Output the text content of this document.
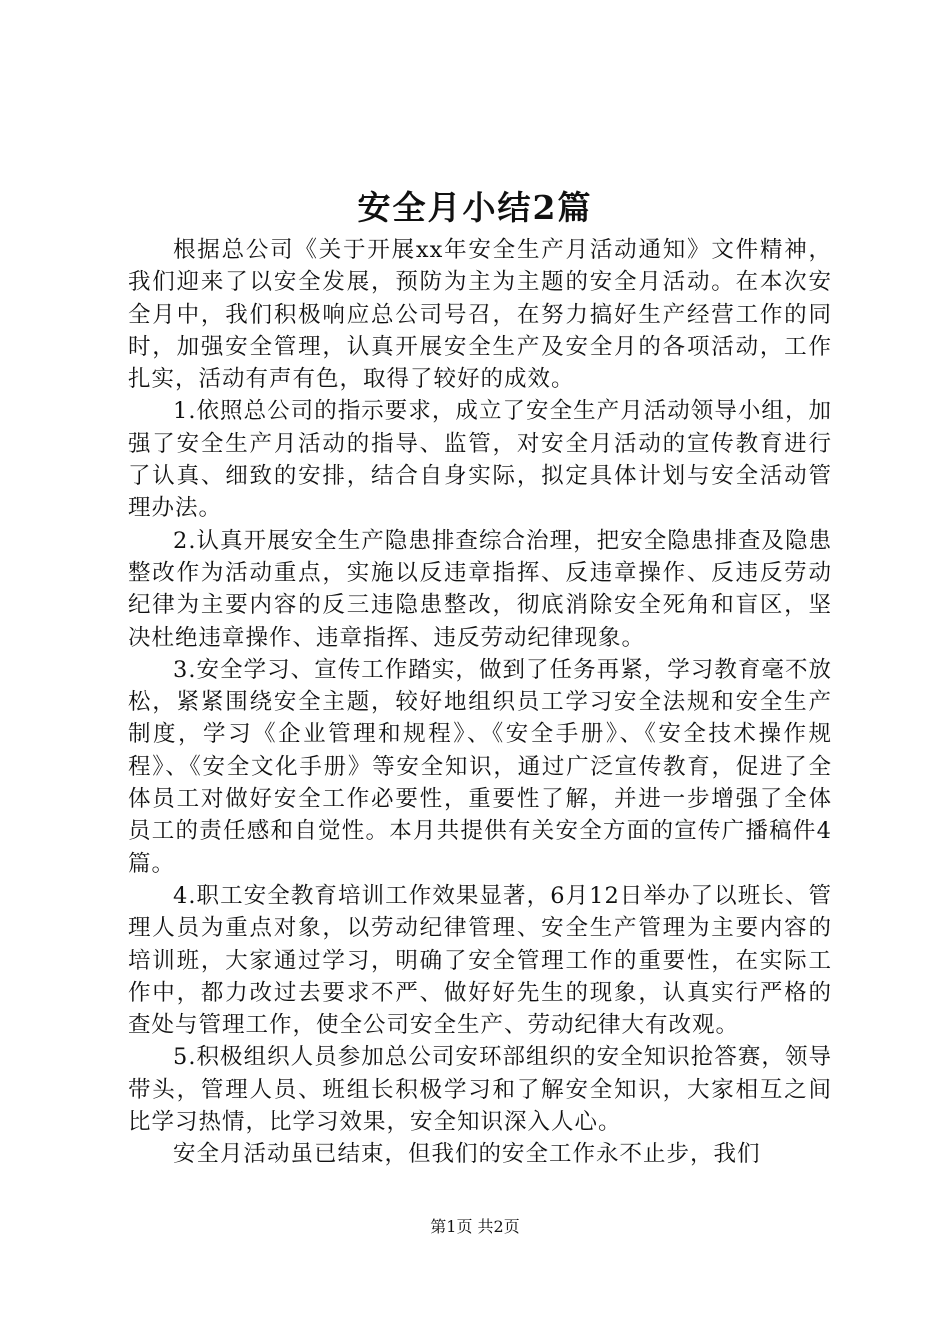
安全月小结2篇

根据总公司《关于开展xx年安全生产月活动通知》文件精神，我们迎来了以安全发展，预防为主为主题的安全月活动。在本次安全月中，我们积极响应总公司号召，在努力搞好生产经营工作的同时，加强安全管理，认真开展安全生产及安全月的各项活动，工作扎实，活动有声有色，取得了较好的成效。

1.依照总公司的指示要求，成立了安全生产月活动领导小组，加强了安全生产月活动的指导、监管，对安全月活动的宣传教育进行了认真、细致的安排，结合自身实际，拟定具体计划与安全活动管理办法。

2.认真开展安全生产隐患排查综合治理，把安全隐患排查及隐患整改作为活动重点，实施以反违章指挥、反违章操作、反违反劳动纪律为主要内容的反三违隐患整改，彻底消除安全死角和盲区，坚决杜绝违章操作、违章指挥、违反劳动纪律现象。

3.安全学习、宣传工作踏实，做到了任务再紧，学习教育毫不放松，紧紧围绕安全主题，较好地组织员工学习安全法规和安全生产制度，学习《企业管理和规程》、《安全手册》、《安全技术操作规程》、《安全文化手册》等安全知识，通过广泛宣传教育，促进了全体员工对做好安全工作必要性，重要性了解，并进一步增强了全体员工的责任感和自觉性。本月共提供有关安全方面的宣传广播稿件4篇。

4.职工安全教育培训工作效果显著，6月12日举办了以班长、管理人员为重点对象，以劳动纪律管理、安全生产管理为主要内容的培训班，大家通过学习，明确了安全管理工作的重要性，在实际工作中，都力改过去要求不严、做好好先生的现象，认真实行严格的查处与管理工作，使全公司安全生产、劳动纪律大有改观。

5.积极组织人员参加总公司安环部组织的安全知识抢答赛，领导带头，管理人员、班组长积极学习和了解安全知识，大家相互之间比学习热情，比学习效果，安全知识深入人心。

安全月活动虽已结束，但我们的安全工作永不止步，我们

第1页 共2页
